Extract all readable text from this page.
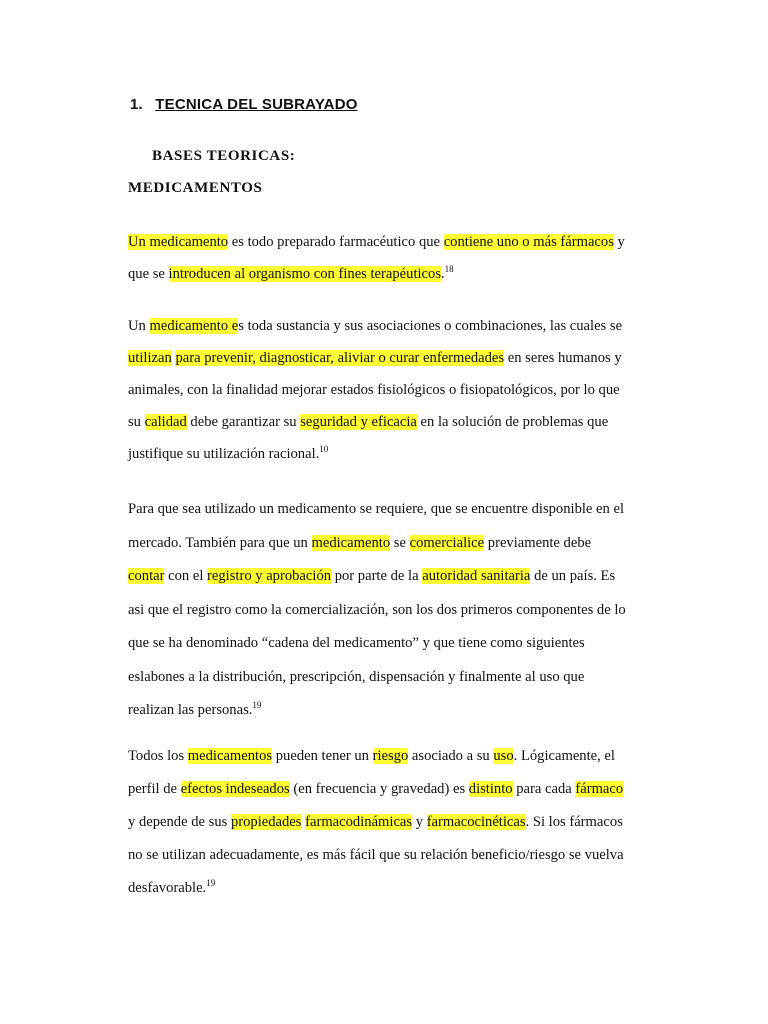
1. TECNICA DEL SUBRAYADO
BASES TEORICAS:
MEDICAMENTOS
Un medicamento es todo preparado farmacéutico que contiene uno o más fármacos y
que se introducen al organismo con fines terapéuticos.$^{18}$
Un medicamento es toda sustancia y sus asociaciones o combinaciones, las cuales se
utilizan para prevenir, diagnosticar, aliviar o curar enfermedades en seres humanos y
animales, con la finalidad mejorar estados fisiológicos o fisiopatológicos, por lo que
su calidad debe garantizar su seguridad y eficacia en la solución de problemas que
justifique su utilización racional.$^{10}$
Para que sea utilizado un medicamento se requiere, que se encuentre disponible en el
mercado. También para que un medicamento se comercialice previamente debe
contar con el registro y aprobación por parte de la autoridad sanitaria de un país. Es
asi que el registro como la comercialización, son los dos primeros componentes de lo
que se ha denominado “cadena del medicamento” y que tiene como siguientes
eslabones a la distribución, prescripción, dispensación y finalmente al uso que
realizan las personas.$^{19}$
Todos los medicamentos pueden tener un riesgo asociado a su uso. Lógicamente, el
perfil de efectos indeseados (en frecuencia y gravedad) es distinto para cada fármaco
y depende de sus propiedades farmacodinámicas y farmacocinéticas. Si los fármacos
no se utilizan adecuadamente, es más fácil que su relación beneficio/riesgo se vuelva
desfavorable.$^{19}$
